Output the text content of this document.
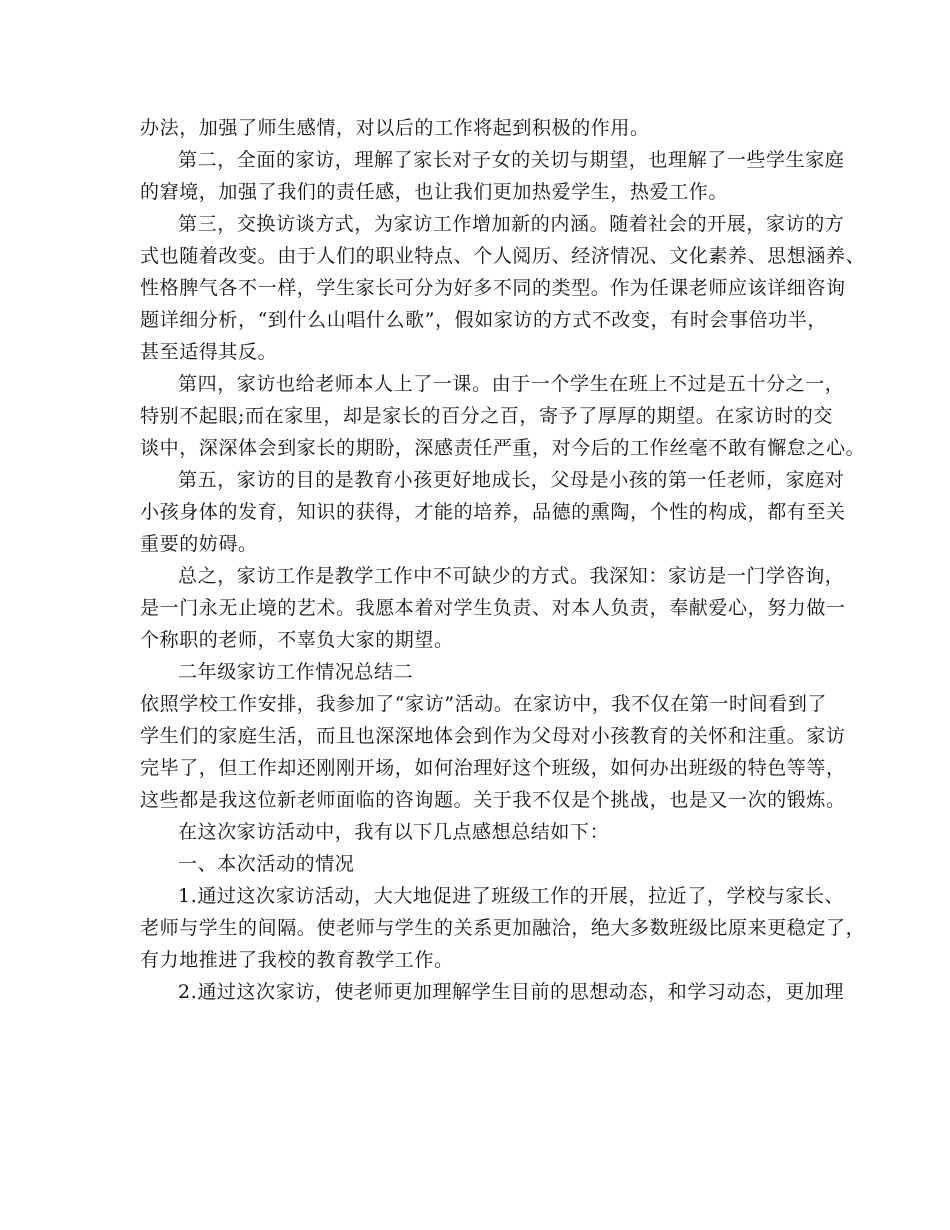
办法，加强了师生感情，对以后的工作将起到积极的作用。
第二，全面的家访，理解了家长对子女的关切与期望，也理解了一些学生家庭
的窘境，加强了我们的责任感，也让我们更加热爱学生，热爱工作。
第三，交换访谈方式，为家访工作增加新的内涵。随着社会的开展，家访的方
式也随着改变。由于人们的职业特点、个人阅历、经济情况、文化素养、思想涵养、
性格脾气各不一样，学生家长可分为好多不同的类型。作为任课老师应该详细咨询
题详细分析，“到什么山唱什么歌”，假如家访的方式不改变，有时会事倍功半，
甚至适得其反。
第四，家访也给老师本人上了一课。由于一个学生在班上不过是五十分之一，
特别不起眼;而在家里，却是家长的百分之百，寄予了厚厚的期望。在家访时的交
谈中，深深体会到家长的期盼，深感责任严重，对今后的工作丝毫不敢有懈怠之心。
第五，家访的目的是教育小孩更好地成长，父母是小孩的第一任老师，家庭对
小孩身体的发育，知识的获得，才能的培养，品德的熏陶，个性的构成，都有至关
重要的妨碍。
总之，家访工作是教学工作中不可缺少的方式。我深知：家访是一门学咨询，
是一门永无止境的艺术。我愿本着对学生负责、对本人负责，奉献爱心，努力做一
个称职的老师，不辜负大家的期望。
二年级家访工作情况总结二
依照学校工作安排，我参加了“家访”活动。在家访中，我不仅在第一时间看到了
学生们的家庭生活，而且也深深地体会到作为父母对小孩教育的关怀和注重。家访
完毕了，但工作却还刚刚开场，如何治理好这个班级，如何办出班级的特色等等，
这些都是我这位新老师面临的咨询题。关于我不仅是个挑战，也是又一次的锻炼。
在这次家访活动中，我有以下几点感想总结如下：
一、本次活动的情况
1.通过这次家访活动，大大地促进了班级工作的开展，拉近了，学校与家长、
老师与学生的间隔。使老师与学生的关系更加融洽，绝大多数班级比原来更稳定了，
有力地推进了我校的教育教学工作。
2.通过这次家访，使老师更加理解学生目前的思想动态，和学习动态，更加理
